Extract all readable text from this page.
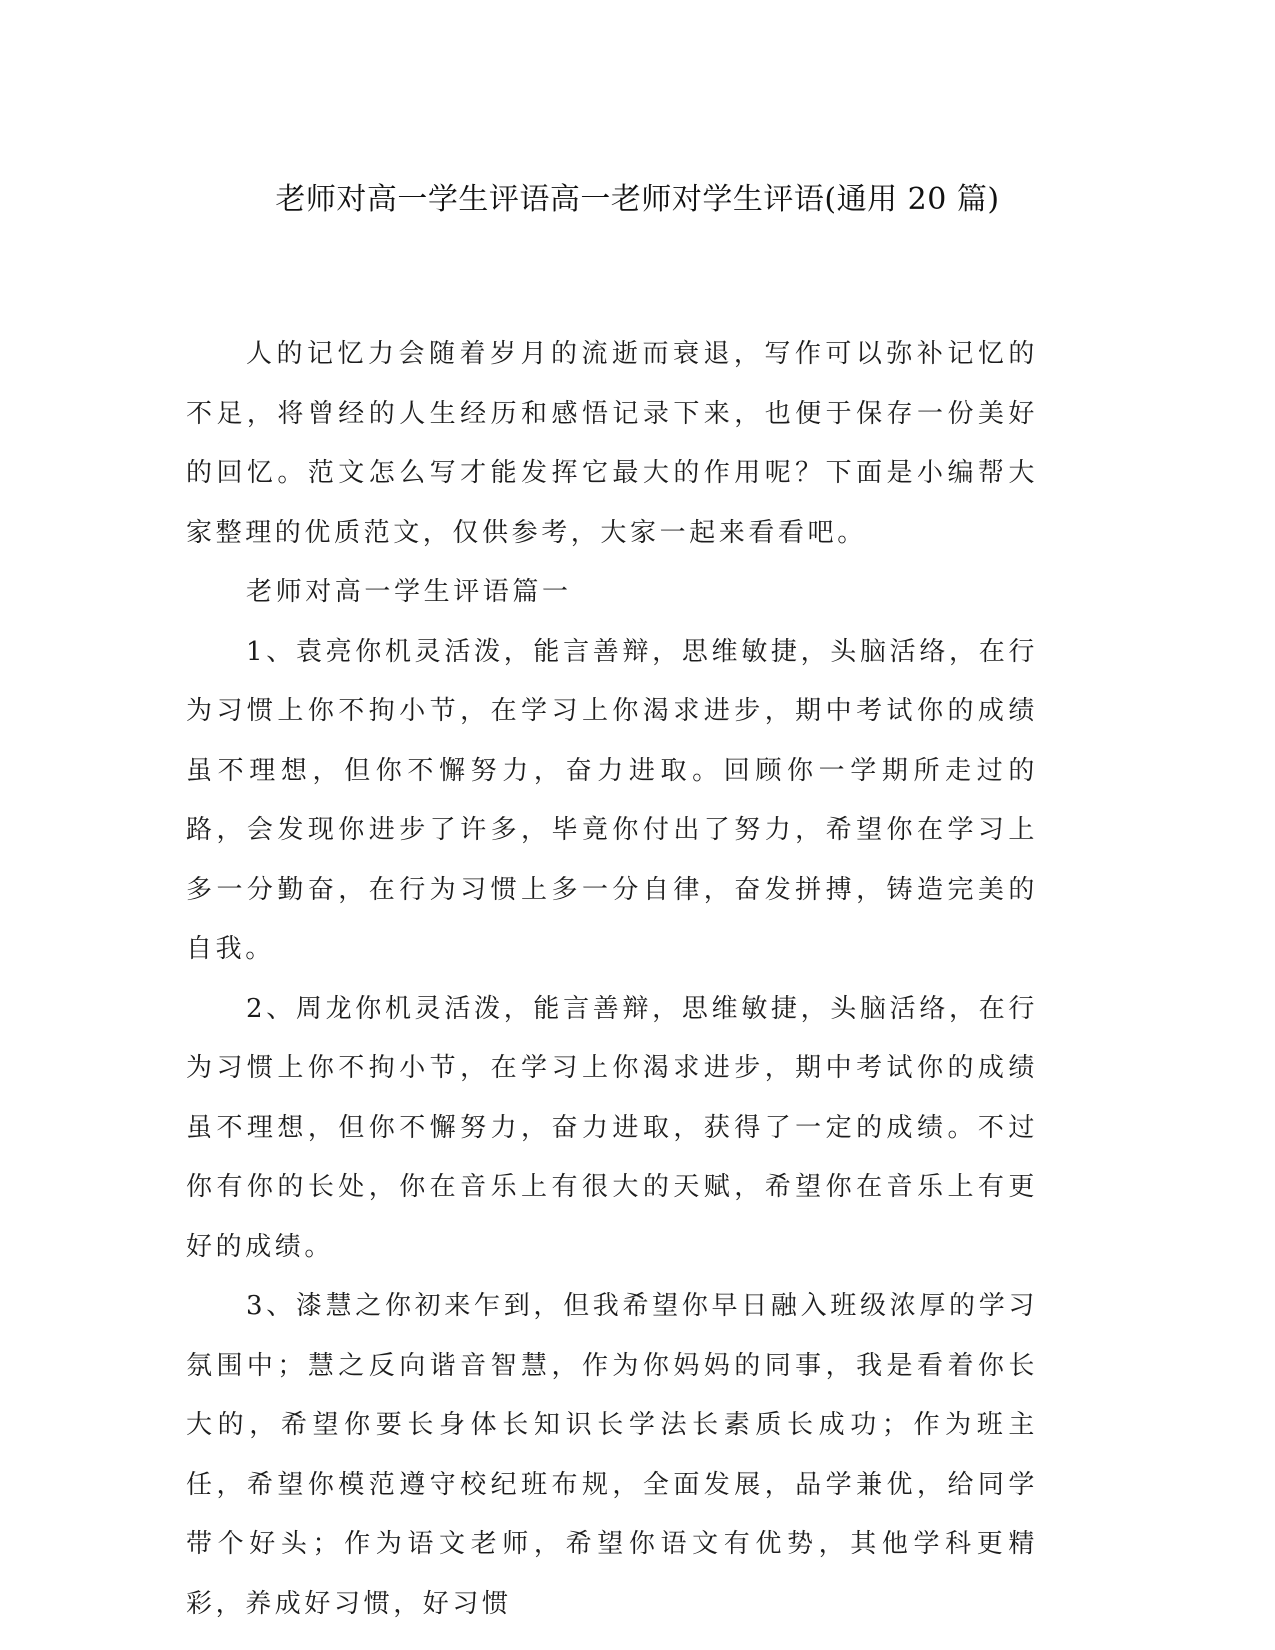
老师对高一学生评语高一老师对学生评语(通用 20 篇)

人的记忆力会随着岁月的流逝而衰退，写作可以弥补记忆的不足，将曾经的人生经历和感悟记录下来，也便于保存一份美好的回忆。范文怎么写才能发挥它最大的作用呢？下面是小编帮大家整理的优质范文，仅供参考，大家一起来看看吧。

老师对高一学生评语篇一

1、袁亮你机灵活泼，能言善辩，思维敏捷，头脑活络，在行为习惯上你不拘小节，在学习上你渴求进步，期中考试你的成绩虽不理想，但你不懈努力，奋力进取。回顾你一学期所走过的路，会发现你进步了许多，毕竟你付出了努力，希望你在学习上多一分勤奋，在行为习惯上多一分自律，奋发拼搏，铸造完美的自我。

2、周龙你机灵活泼，能言善辩，思维敏捷，头脑活络，在行为习惯上你不拘小节，在学习上你渴求进步，期中考试你的成绩虽不理想，但你不懈努力，奋力进取，获得了一定的成绩。不过你有你的长处，你在音乐上有很大的天赋，希望你在音乐上有更好的成绩。

3、漆慧之你初来乍到，但我希望你早日融入班级浓厚的学习氛围中；慧之反向谐音智慧，作为你妈妈的同事，我是看着你长大的，希望你要长身体长知识长学法长素质长成功；作为班主任，希望你模范遵守校纪班布规，全面发展，品学兼优，给同学带个好头；作为语文老师，希望你语文有优势，其他学科更精彩，养成好习惯，好习惯
